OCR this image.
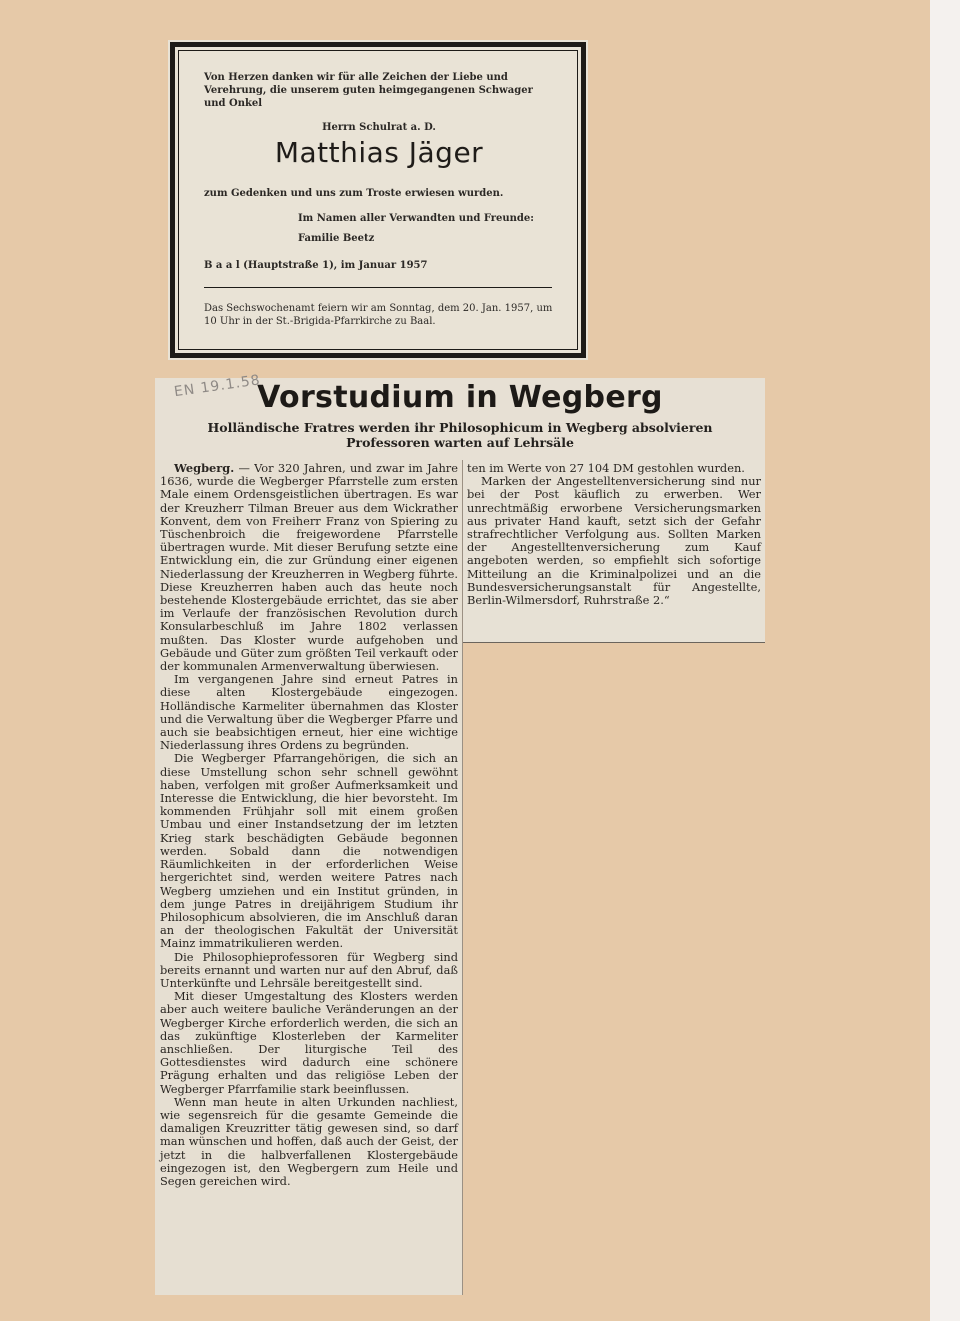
Von Herzen danken wir für alle Zeichen der Liebe und Verehrung, die unserem guten heimgegangenen Schwager und Onkel
Herrn Schulrat a. D.
Matthias Jäger
zum Gedenken und uns zum Troste erwiesen wurden.
Im Namen aller Verwandten und Freunde:
Familie Beetz
B a a l (Hauptstraße 1), im Januar 1957
Das Sechswochenamt feiern wir am Sonntag, dem 20. Jan. 1957, um 10 Uhr in der St.-Brigida-Pfarrkirche zu Baal.
EN 19.1.58
Vorstudium in Wegberg
Holländische Fratres werden ihr Philosophicum in Wegberg absolvieren
Professoren warten auf Lehrsäle

Wegberg. — Vor 320 Jahren, und zwar im Jahre 1636, wurde die Wegberger Pfarrstelle zum ersten Male einem Ordensgeistlichen übertragen. Es war der Kreuzherr Tilman Breuer aus dem Wickrather Konvent, dem von Freiherr Franz von Spiering zu Tüschenbroich die freigewordene Pfarrstelle übertragen wurde. Mit dieser Berufung setzte eine Entwicklung ein, die zur Gründung einer eigenen Niederlassung der Kreuzherren in Wegberg führte. Diese Kreuzherren haben auch das heute noch bestehende Klostergebäude errichtet, das sie aber im Verlaufe der französischen Revolution durch Konsularbeschluß im Jahre 1802 verlassen mußten. Das Kloster wurde aufgehoben und Gebäude und Güter zum größten Teil verkauft oder der kommunalen Armenverwaltung überwiesen.

Im vergangenen Jahre sind erneut Patres in diese alten Klostergebäude eingezogen. Holländische Karmeliter übernahmen das Kloster und die Verwaltung über die Wegberger Pfarre und auch sie beabsichtigen erneut, hier eine wichtige Niederlassung ihres Ordens zu begründen.

Die Wegberger Pfarrangehörigen, die sich an diese Umstellung schon sehr schnell gewöhnt haben, verfolgen mit großer Aufmerksamkeit und Interesse die Entwicklung, die hier bevorsteht. Im kommenden Frühjahr soll mit einem großen Umbau und einer Instandsetzung der im letzten Krieg stark beschädigten Gebäude begonnen werden. Sobald dann die notwendigen Räumlichkeiten in der erforderlichen Weise hergerichtet sind, werden weitere Patres nach Wegberg umziehen und ein Institut gründen, in dem junge Patres in dreijährigem Studium ihr Philosophicum absolvieren, die im Anschluß daran an der theologischen Fakultät der Universität Mainz immatrikulieren werden.

Die Philosophieprofessoren für Wegberg sind bereits ernannt und warten nur auf den Abruf, daß Unterkünfte und Lehrsäle bereitgestellt sind.

Mit dieser Umgestaltung des Klosters werden aber auch weitere bauliche Veränderungen an der Wegberger Kirche erforderlich werden, die sich an das zukünftige Klosterleben der Karmeliter anschließen. Der liturgische Teil des Gottesdienstes wird dadurch eine schönere Prägung erhalten und das religiöse Leben der Wegberger Pfarrfamilie stark beeinflussen.

Wenn man heute in alten Urkunden nachliest, wie segensreich für die gesamte Gemeinde die damaligen Kreuzritter tätig gewesen sind, so darf man wünschen und hoffen, daß auch der Geist, der jetzt in die halbverfallenen Klostergebäude eingezogen ist, den Wegbergern zum Heile und Segen gereichen wird.

ten im Werte von 27 104 DM gestohlen wurden.

Marken der Angestelltenversicherung sind nur bei der Post käuflich zu erwerben. Wer unrechtmäßig erworbene Versicherungsmarken aus privater Hand kauft, setzt sich der Gefahr strafrechtlicher Verfolgung aus. Sollten Marken der Angestelltenversicherung zum Kauf angeboten werden, so empfiehlt sich sofortige Mitteilung an die Kriminalpolizei und an die Bundesversicherungsanstalt für Angestellte, Berlin-Wilmersdorf, Ruhrstraße 2.“
